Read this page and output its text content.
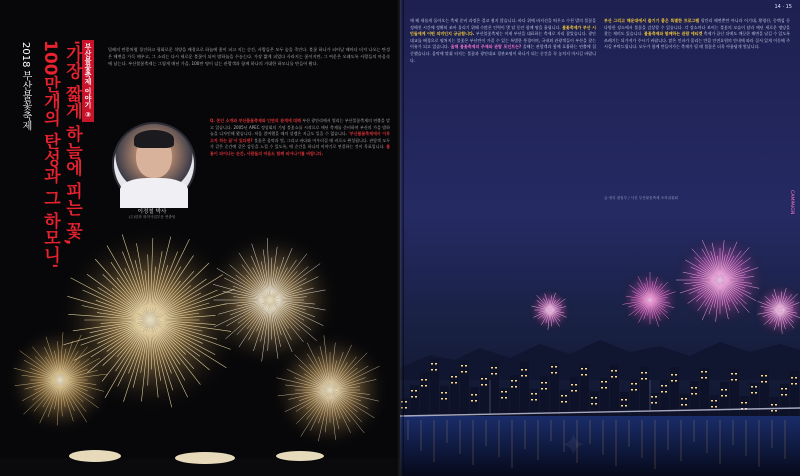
부산불꽃축제 이야기 ③
'가장 짧게 하늘에 피는 꽃,
100만개의 탄성과 그 하모니'
2018 부산불꽃축제	밀레의 만종처럼 경건하고 평화로운 석양을 배경으로 하늘에 꽃이 피고 지는 순간, 사람들은 모두 숨을 죽인다. 불꽃 하나가 피어날 때마다 터져 나오는 탄성은 해변을 가득 메우고, 그 소리는 다시 새로운 불꽃이 되어 밤하늘을 수놓는다. 가장 짧게 피었다 사라지는 꽃이지만, 그 여운은 오래도록 사람들의 마음속에 남는다. 부산불꽃축제는 그렇게 매년 가을, 100만 명이 넘는 관람객과 함께 하나의 거대한 하모니를 만들어 왔다.
이정철 박사
(주)한화 화약사업부문 연출팀
Q. 본인 소개와 부산불꽃축제와 인연의 관계에 대해 부산 광안리에서 열리는 부산불꽃축제의 연출을 맡고 있습니다. 2005년 APEC 정상회의 기념 불꽃쇼를 시작으로 매년 축제를 준비하며 부산의 가을 밤하늘을 디자인해 왔습니다. 처음 참여했을 때의 설렘은 지금도 잊을 수 없습니다. '부산불꽃축제에서 이루고자 하는 꿈'이 있다면? 불꽃은 음악과 빛, 그리고 바다와 어우러질 때 비로소 완성됩니다. 관람객 모두가 같은 순간에 같은 감동을 느낄 수 있도록, 매 순간을 하나의 이야기로 연결하는 것이 목표입니다. 불꽃이 피어나는 순간, 사람들의 마음도 함께 피어나기를 바랍니다.
14 · 15
매 해 새롭게 돌아오는 축제 준비 과정은 결코 쉽지 않습니다. 바다 위에 바지선을 띄우고 수천 발의 불꽃을 정해진 시간에 정확히 쏘아 올리기 위해 수많은 인력이 몇 달 동안 함께 땀을 흘립니다. 불꽃축제가 부산 시민들에게 어떤 의미인지 궁금합니다. 부산불꽃축제는 이제 부산을 대표하는 축제로 자리 잡았습니다. 광안대교를 배경으로 펼쳐지는 불꽃은 부산만이 가질 수 있는 특별한 풍경이며, 국내외 관광객들이 부산을 찾는 이유가 되고 있습니다. 올해 불꽃축제의 주제와 관람 포인트는? 올해는 관람객과 함께 호흡하는 연출에 집중했습니다. 음악에 맞춰 터지는 불꽃과 광안대교 경관조명이 하나가 되는 순간을 꼭 놓치지 마시길 바랍니다.
부산 그리고 해운대에서 즐기기 좋은 특별한 프로그램 광안리 해변뿐만 아니라 이기대, 황령산, 동백섬 등 다양한 장소에서 불꽃을 감상할 수 있습니다. 각 장소마다 보이는 불꽃의 모습이 달라 매년 새로운 명당을 찾는 재미도 있습니다. 불꽃축제와 함께하는 관람 에티켓 축제가 끝난 뒤에도 깨끗한 해변을 남길 수 있도록 쓰레기는 되가져가 주시기 바랍니다. 많은 인파가 몰리는 만큼 안전요원의 안내에 따라 질서 있게 이동해 주시길 부탁드립니다. 모두가 함께 만들어가는 축제가 될 때 불꽃은 더욱 아름답게 빛납니다.
글·정리 편집부 / 사진 부산불꽃축제 조직위원회	CAMPAIGN
✦
